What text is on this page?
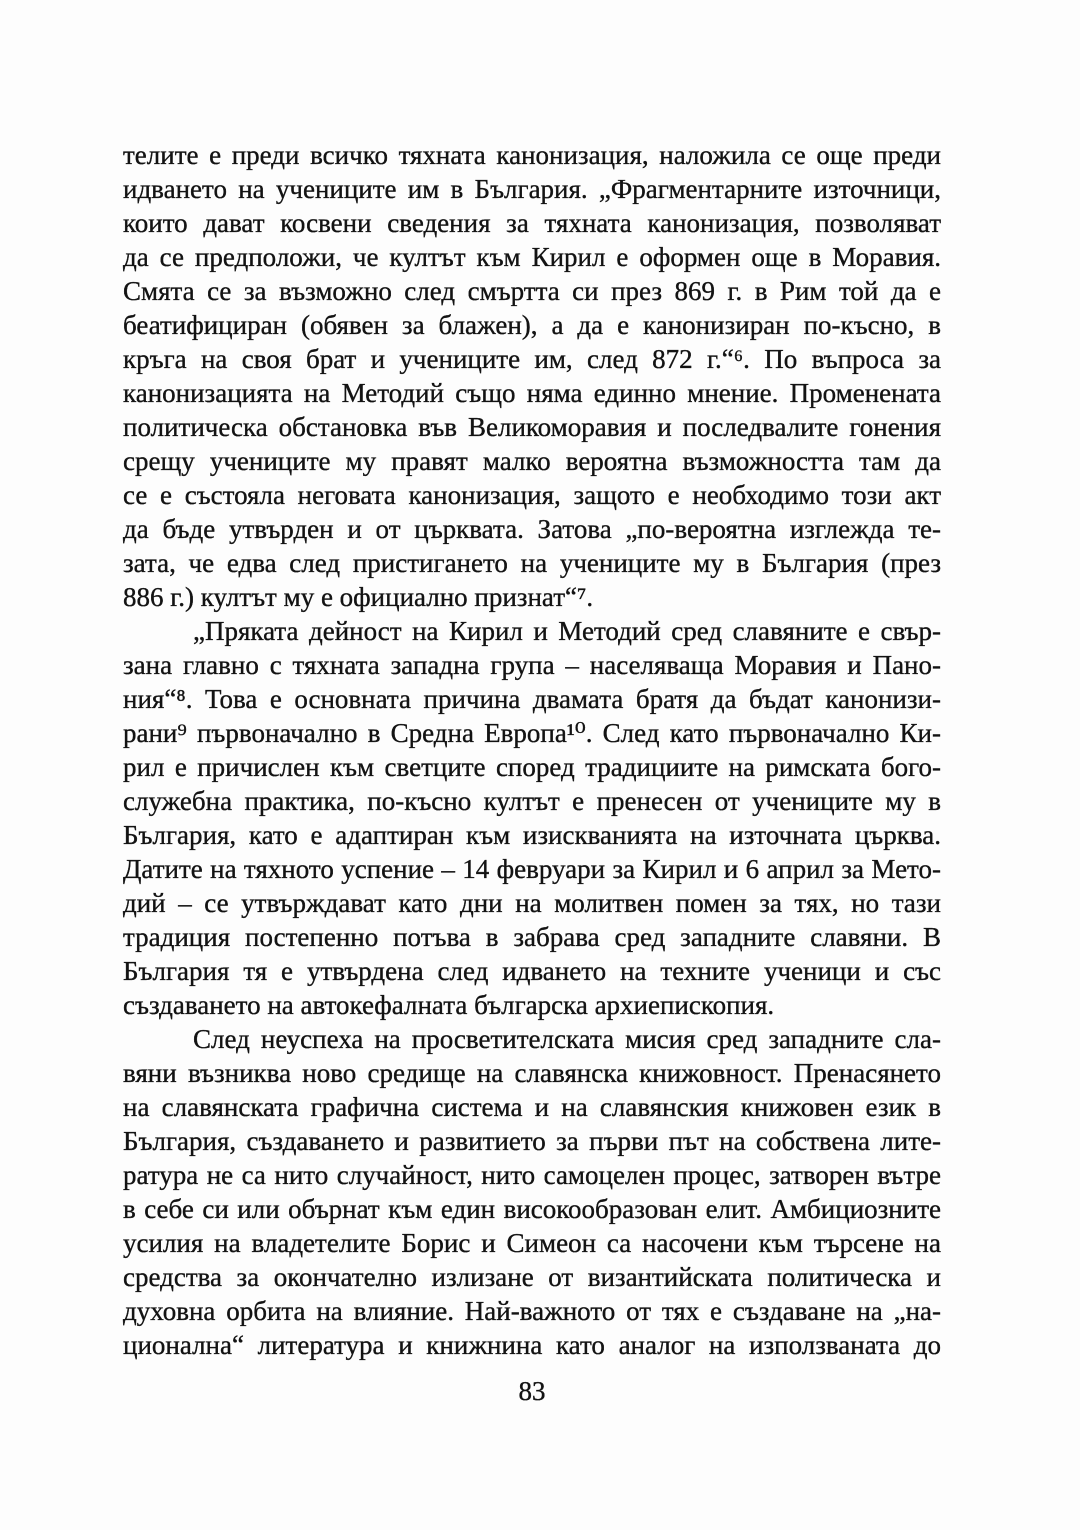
телите е преди всичко тяхната канонизация, наложила се още преди
идването на учениците им в България. „Фрагментарните източници,
които дават косвени сведения за тяхната канонизация, позволяват
да се предположи, че култът към Кирил е оформен още в Моравия.
Смята се за възможно след смъртта си през 869 г. в Рим той да е
беатифициран (обявен за блажен), а да е канонизиран по-късно, в
кръга на своя брат и учениците им, след 872 г.“⁶. По въпроса за
канонизацията на Методий също няма единно мнение. Променената
политическа обстановка във Великоморавия и последвалите гонения
срещу учениците му правят малко вероятна възможността там да
се е състояла неговата канонизация, защото е необходимо този акт
да бъде утвърден и от църквата. Затова „по-вероятна изглежда те-
зата, че едва след пристигането на учениците му в България (през
886 г.) култът му е официално признат“⁷.
„Пряката дейност на Кирил и Методий сред славяните е свър-
зана главно с тяхната западна група – населяваща Моравия и Пано-
ния“⁸. Това е основната причина двамата братя да бъдат канонизи-
рани⁹ първоначално в Средна Европа¹⁰. След като първоначално Ки-
рил е причислен към светците според традициите на римската бого-
служебна практика, по-късно култът е пренесен от учениците му в
България, като е адаптиран към изискванията на източната църква.
Датите на тяхното успение – 14 февруари за Кирил и 6 април за Мето-
дий – се утвърждават като дни на молитвен помен за тях, но тази
традиция постепенно потъва в забрава сред западните славяни. В
България тя е утвърдена след идването на техните ученици и със
създаването на автокефалната българска архиепископия.
След неуспеха на просветителската мисия сред западните сла-
вяни възниква ново средище на славянска книжовност. Пренасянето
на славянската графична система и на славянския книжовен език в
България, създаването и развитието за първи път на собствена лите-
ратура не са нито случайност, нито самоцелен процес, затворен вътре
в себе си или обърнат към един високообразован елит. Амбициозните
усилия на владетелите Борис и Симеон са насочени към търсене на
средства за окончателно излизане от византийската политическа и
духовна орбита на влияние. Най-важното от тях е създаване на „на-
ционална“ литература и книжнина като аналог на използваната до
83
